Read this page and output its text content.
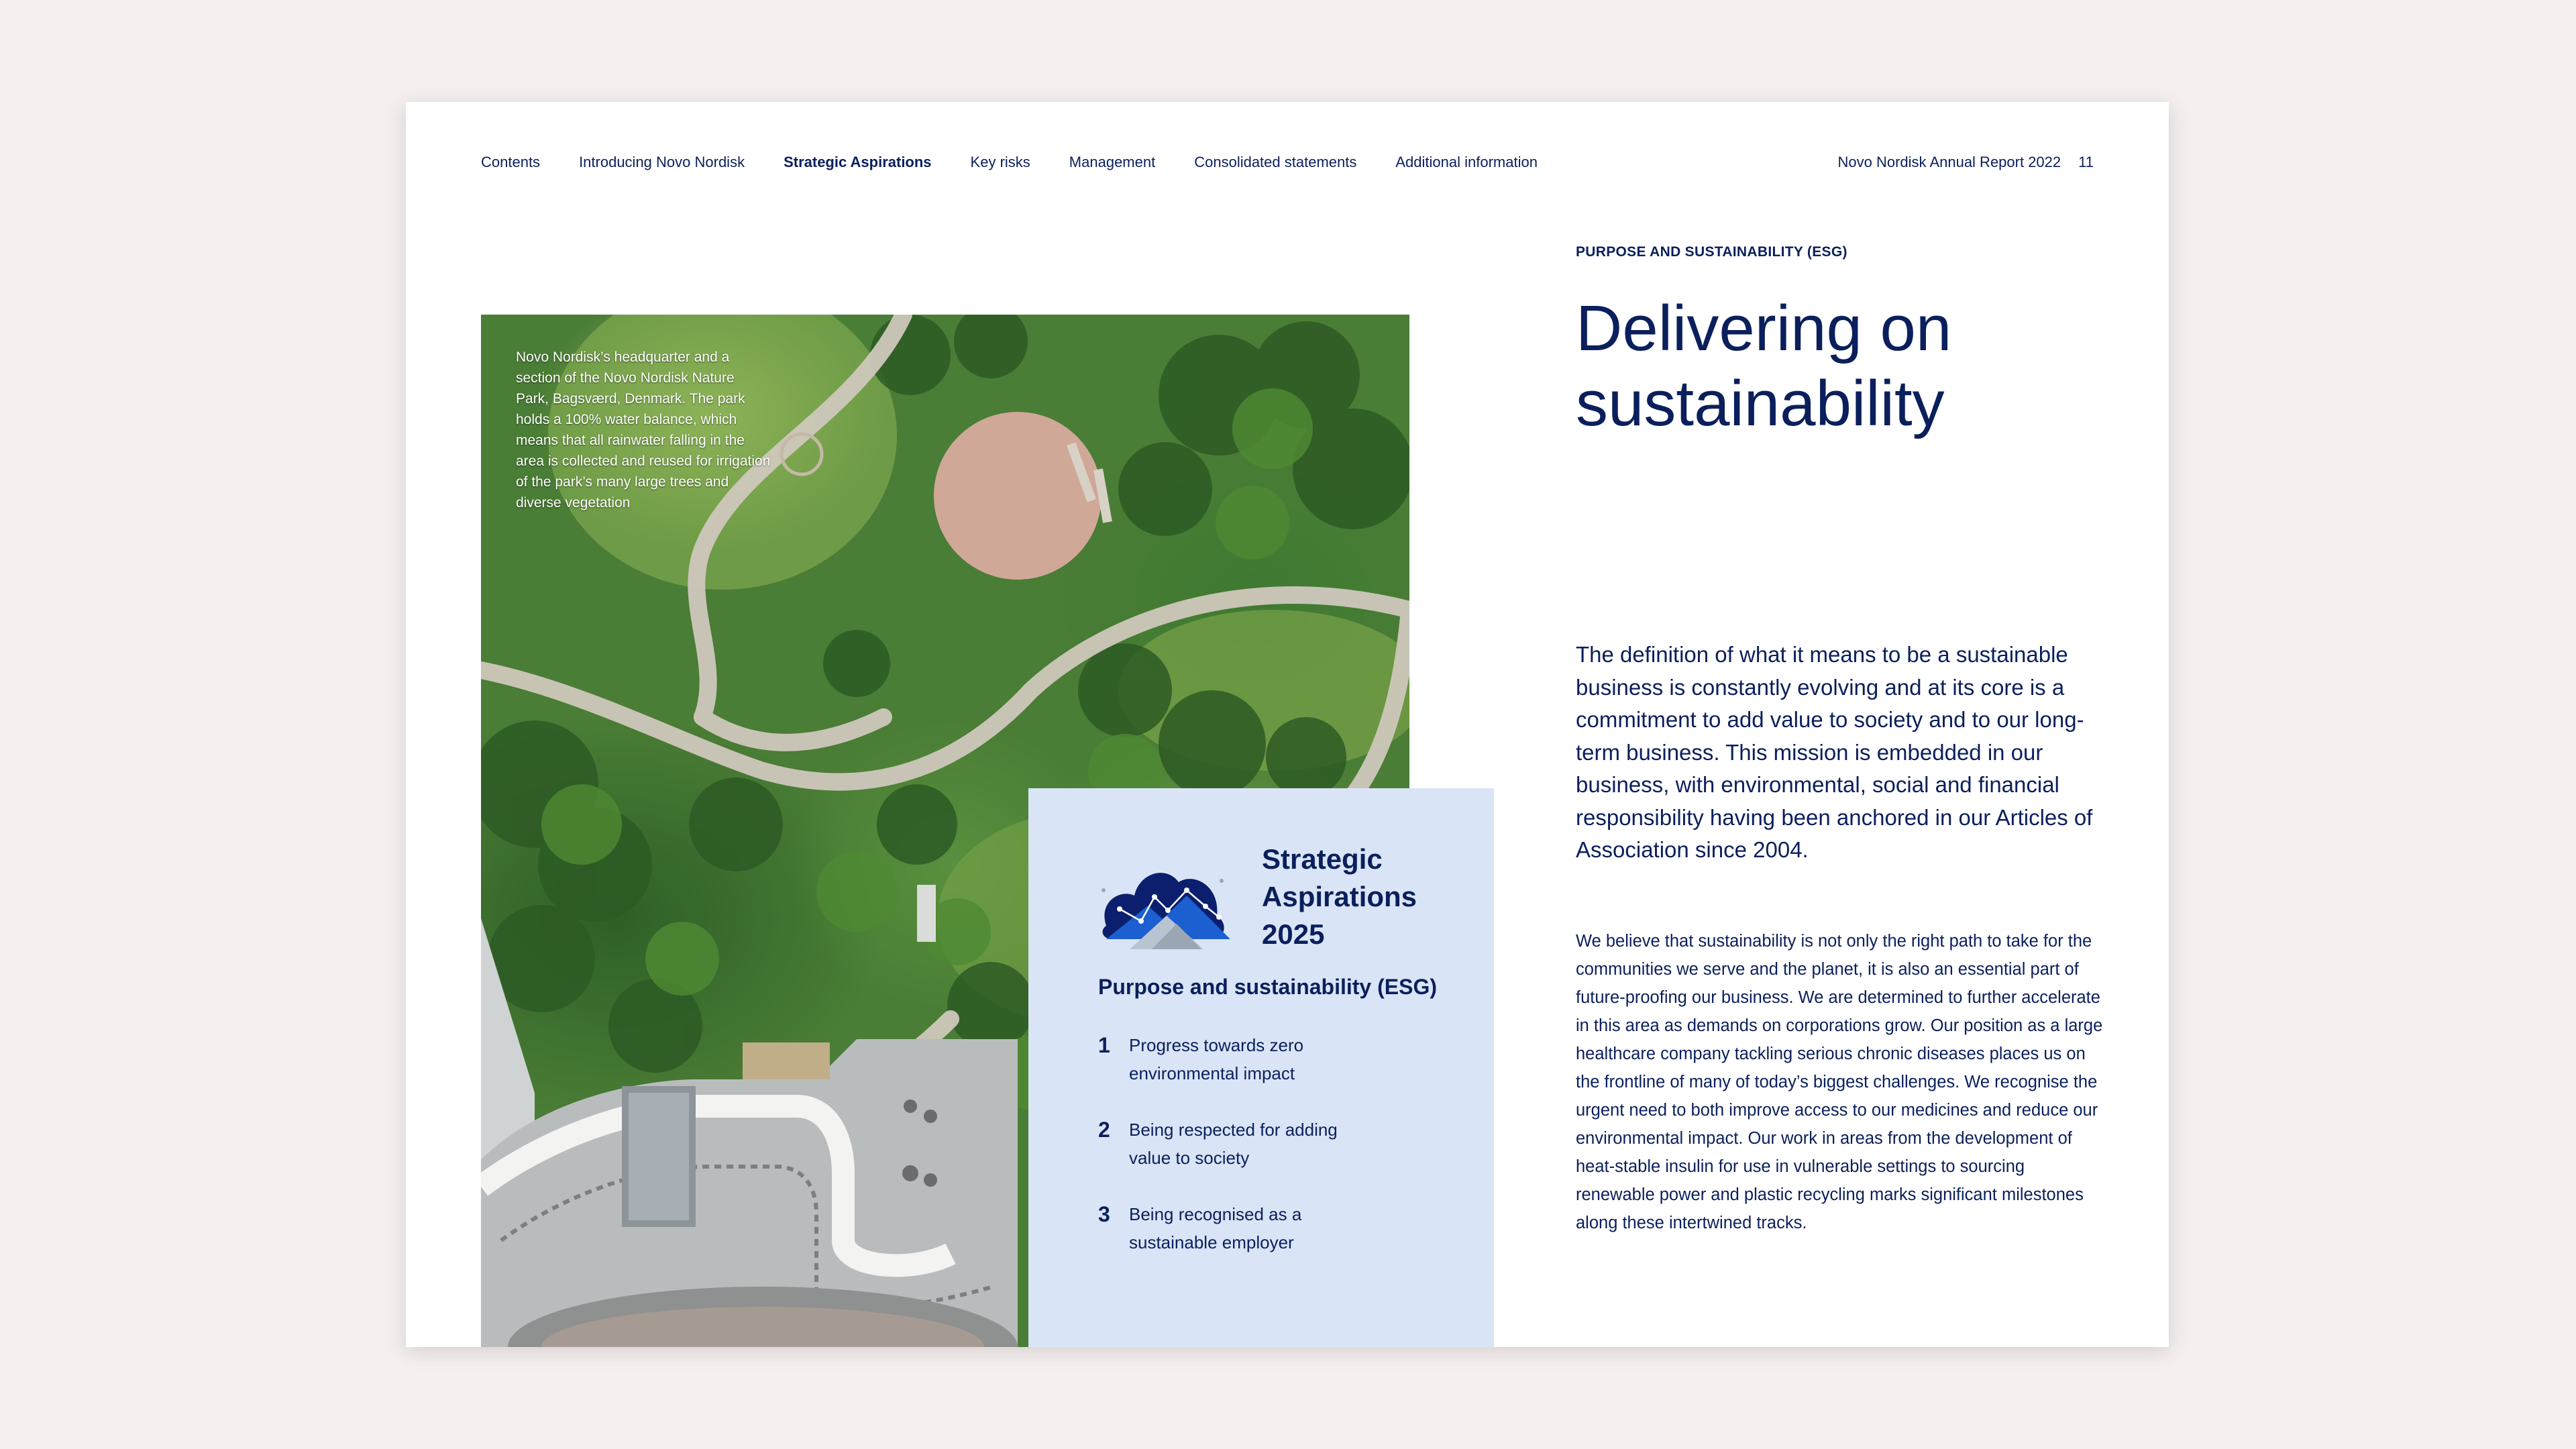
Contents	Introducing Novo Nordisk	Strategic Aspirations	Key risks	Management	Consolidated statements	Additional information	Novo Nordisk Annual Report 2022 11
Novo Nordisk’s headquarter and a section of the Novo Nordisk Nature Park, Bagsværd, Denmark. The park holds a 100% water balance, which means that all rainwater falling in the area is collected and reused for irrigation of the park’s many large trees and diverse vegetation
Strategic
Aspirations
2025
Purpose and sustainability (ESG)
1	Progress towards zero environmental impact
2	Being respected for adding value to society
3	Being recognised as a sustainable employer
PURPOSE AND SUSTAINABILITY (ESG)
Delivering on
sustainability

The definition of what it means to be a sustainable business is constantly evolving and at its core is a commitment to add value to society and to our long-term business. This mission is embedded in our business, with environmental, social and financial responsibility having been anchored in our Articles of Association since 2004.

We believe that sustainability is not only the right path to take for the communities we serve and the planet, it is also an essential part of future-proofing our business. We are determined to further accelerate in this area as demands on corporations grow. Our position as a large healthcare company tackling serious chronic diseases places us on the frontline of many of today’s biggest challenges. We recognise the urgent need to both improve access to our medicines and reduce our environmental impact. Our work in areas from the development of heat-stable insulin for use in vulnerable settings to sourcing renewable power and plastic recycling marks significant milestones along these intertwined tracks.
